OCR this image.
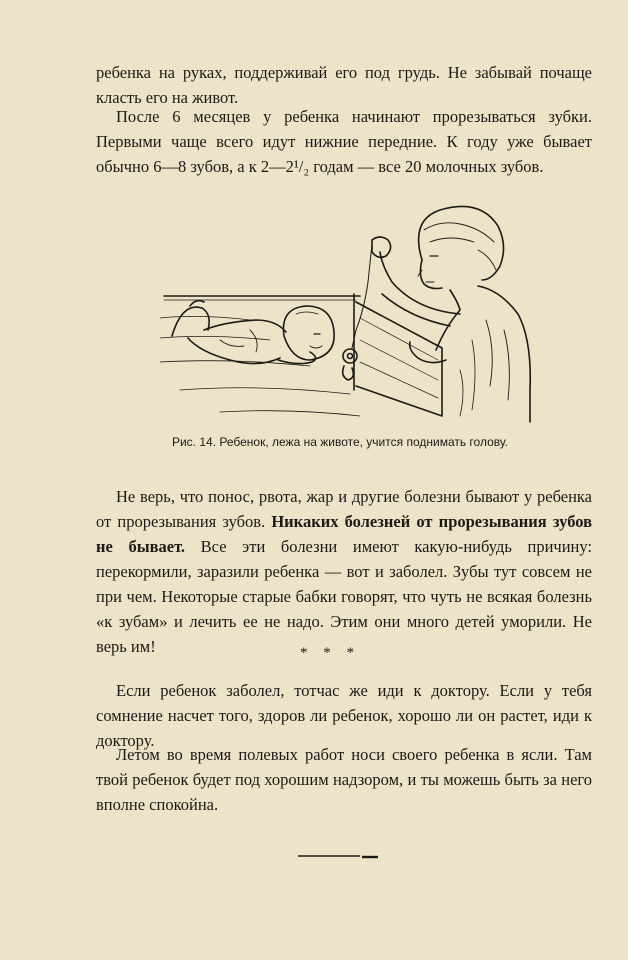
ребенка на руках, поддерживай его под грудь. Не забывай почаще класть его на живот.

После 6 месяцев у ребенка начинают прорезываться зубки. Первыми чаще всего идут нижние передние. К году уже бывает обычно 6—8 зубов, а к 2—2¹/₂ годам — все 20 молочных зубов.

Рис. 14. Ребенок, лежа на животе, учится поднимать голову.

Не верь, что понос, рвота, жар и другие болезни бывают у ребенка от прорезывания зубов. Никаких болезней от прорезывания зубов не бывает. Все эти болезни имеют какую-нибудь причину: перекормили, заразили ребенка — вот и заболел. Зубы тут совсем не при чем. Некоторые старые бабки говорят, что чуть не всякая болезнь «к зубам» и лечить ее не надо. Этим они много детей уморили. Не верь им!	* * *

Если ребенок заболел, тотчас же иди к доктору. Если у тебя сомнение насчет того, здоров ли ребенок, хорошо ли он растет, иди к доктору.

Летом во время полевых работ носи своего ребенка в ясли. Там твой ребенок будет под хорошим надзором, и ты можешь быть за него вполне спокойна.
